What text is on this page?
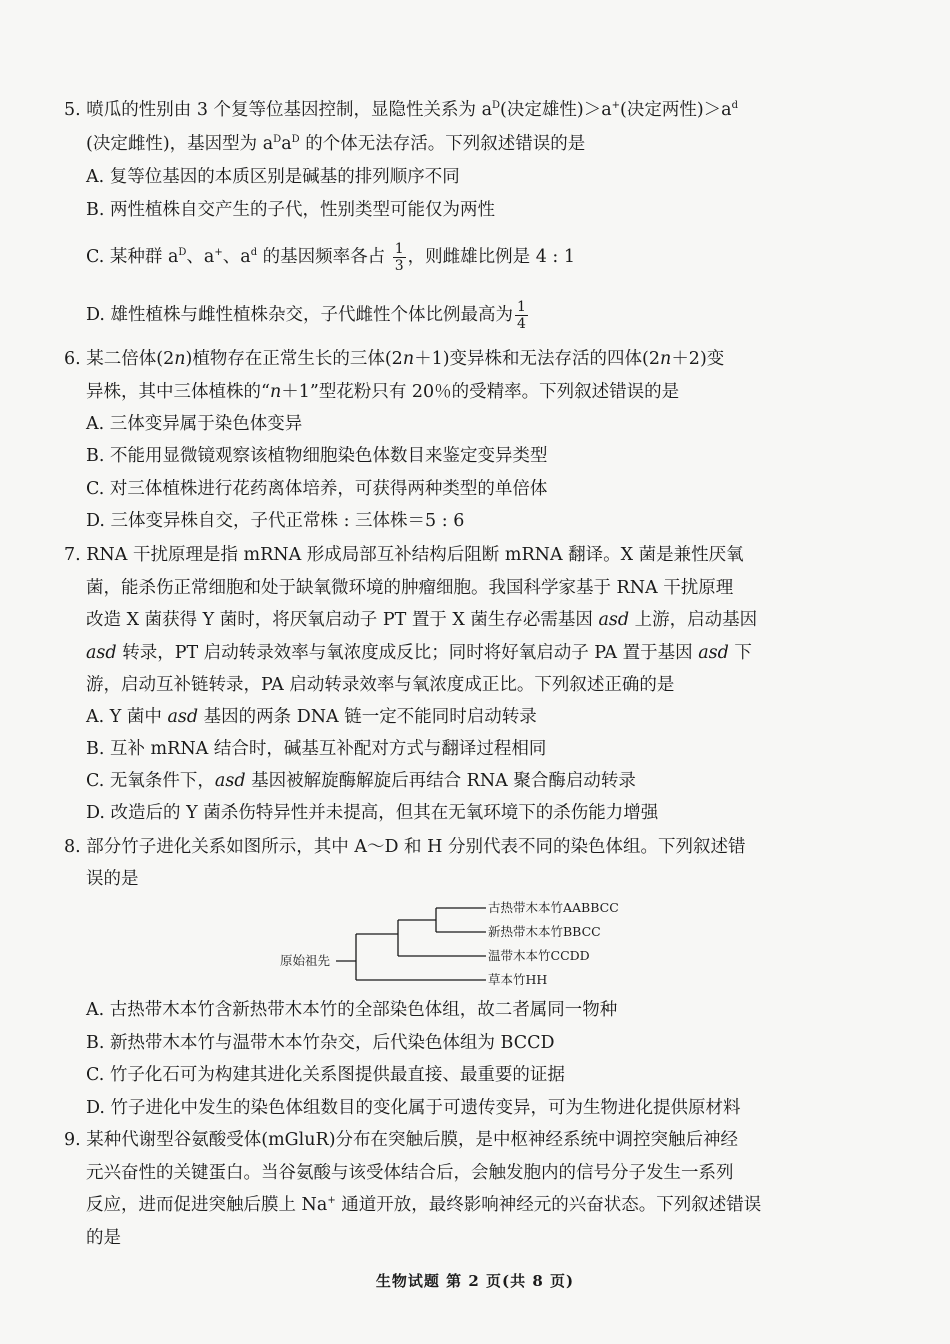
5. 喷瓜的性别由 3 个复等位基因控制，显隐性关系为 $a^D$(决定雄性)＞a+(决定两性)$>a^d$
(决定雌性)，基因型为 $a^Da^D$ 的个体无法存活。下列叙述错误的是
A. 复等位基因的本质区别是碱基的排列顺序不同
B. 两性植株自交产生的子代，性别类型可能仅为两性
C. 某种群 $a^D$、a+、$a^d$ 的基因频率各占 $\frac{1}{3}$ ，则雌雄比例是 4 : 1
D. 雄性植株与雌性植株杂交，子代雌性个体比例最高为 $\frac{1}{4}$
6. 某二倍体(2n)植物存在正常生长的三体(2n＋1)变异株和无法存活的四体(2n＋2)变
异株，其中三体植株的“n＋1”型花粉只有 20％的受精率。下列叙述错误的是
A. 三体变异属于染色体变异
B. 不能用显微镜观察该植物细胞染色体数目来鉴定变异类型
C. 对三体植株进行花药离体培养，可获得两种类型的单倍体
D. 三体变异株自交，子代正常株 : 三体株＝5 : 6
7. RNA 干扰原理是指 mRNA 形成局部互补结构后阻断 mRNA 翻译。X 菌是兼性厌氧
菌，能杀伤正常细胞和处于缺氧微环境的肿瘤细胞。我国科学家基于 RNA 干扰原理
改造 X 菌获得 Y 菌时，将厌氧启动子 PT 置于 X 菌生存必需基因 asd 上游，启动基因
asd 转录，PT 启动转录效率与氧浓度成反比；同时将好氧启动子 PA 置于基因 asd 下
游，启动互补链转录，PA 启动转录效率与氧浓度成正比。下列叙述正确的是
A. Y 菌中 asd 基因的两条 DNA 链一定不能同时启动转录
B. 互补 mRNA 结合时，碱基互补配对方式与翻译过程相同
C. 无氧条件下，asd 基因被解旋酶解旋后再结合 RNA 聚合酶启动转录
D. 改造后的 Y 菌杀伤特异性并未提高，但其在无氧环境下的杀伤能力增强
8. 部分竹子进化关系如图所示，其中 A～D 和 H 分别代表不同的染色体组。下列叙述错
误的是
原始祖先
古热带木本竹AABBCC
新热带木本竹BBCC
温带木本竹CCDD
草本竹HH
A. 古热带木本竹含新热带木本竹的全部染色体组，故二者属同一物种
B. 新热带木本竹与温带木本竹杂交，后代染色体组为 BCCD
C. 竹子化石可为构建其进化关系图提供最直接、最重要的证据
D. 竹子进化中发生的染色体组数目的变化属于可遗传变异，可为生物进化提供原材料
9. 某种代谢型谷氨酸受体(mGluR)分布在突触后膜，是中枢神经系统中调控突触后神经
元兴奋性的关键蛋白。当谷氨酸与该受体结合后，会触发胞内的信号分子发生一系列
反应，进而促进突触后膜上 Na+ 通道开放，最终影响神经元的兴奋状态。下列叙述错误
的是
生物试题 第 2 页(共 8 页)
